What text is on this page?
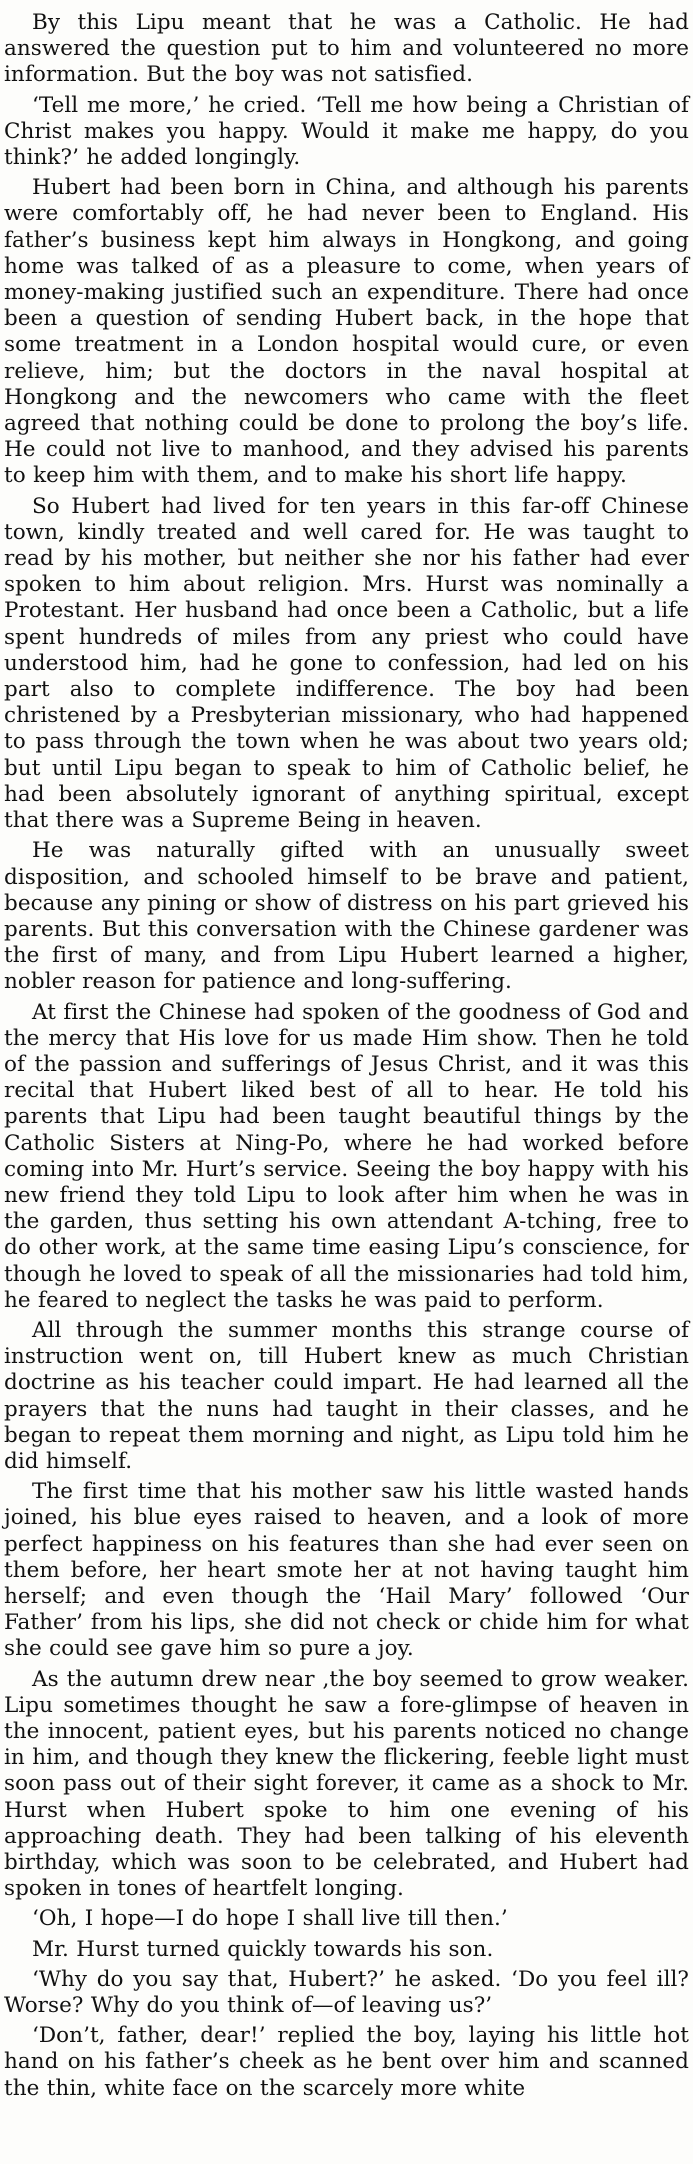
By this Lipu meant that he was a Catholic. He had answered the question put to him and volunteered no more information. But the boy was not satisfied.

‘Tell me more,’ he cried. ‘Tell me how being a Christian of Christ makes you happy. Would it make me happy, do you think?’ he added longingly.

Hubert had been born in China, and although his parents were comfortably off, he had never been to England. His father’s business kept him always in Hongkong, and going home was talked of as a pleasure to come, when years of money-making justified such an expenditure. There had once been a question of sending Hubert back, in the hope that some treatment in a London hospital would cure, or even relieve, him; but the doctors in the naval hospital at Hongkong and the newcomers who came with the fleet agreed that nothing could be done to prolong the boy’s life. He could not live to manhood, and they advised his parents to keep him with them, and to make his short life happy.

So Hubert had lived for ten years in this far-off Chinese town, kindly treated and well cared for. He was taught to read by his mother, but neither she nor his father had ever spoken to him about religion. Mrs. Hurst was nominally a Protestant. Her husband had once been a Catholic, but a life spent hundreds of miles from any priest who could have understood him, had he gone to confession, had led on his part also to complete indifference. The boy had been christened by a Presbyterian missionary, who had happened to pass through the town when he was about two years old; but until Lipu began to speak to him of Catholic belief, he had been absolutely ignorant of anything spiritual, except that there was a Supreme Being in heaven.

He was naturally gifted with an unusually sweet disposition, and schooled himself to be brave and patient, because any pining or show of distress on his part grieved his parents. But this conversation with the Chinese gardener was the first of many, and from Lipu Hubert learned a higher, nobler reason for patience and long-suffering.

At first the Chinese had spoken of the goodness of God and the mercy that His love for us made Him show. Then he told of the passion and sufferings of Jesus Christ, and it was this recital that Hubert liked best of all to hear. He told his parents that Lipu had been taught beautiful things by the Catholic Sisters at Ning-Po, where he had worked before coming into Mr. Hurt’s service. Seeing the boy happy with his new friend they told Lipu to look after him when he was in the garden, thus setting his own attendant A-tching, free to do other work, at the same time easing Lipu’s conscience, for though he loved to speak of all the missionaries had told him, he feared to neglect the tasks he was paid to perform.

All through the summer months this strange course of instruction went on, till Hubert knew as much Christian doctrine as his teacher could impart. He had learned all the prayers that the nuns had taught in their classes, and he began to repeat them morning and night, as Lipu told him he did himself.

The first time that his mother saw his little wasted hands joined, his blue eyes raised to heaven, and a look of more perfect happiness on his features than she had ever seen on them before, her heart smote her at not having taught him herself; and even though the ‘Hail Mary’ followed ‘Our Father’ from his lips, she did not check or chide him for what she could see gave him so pure a joy.

As the autumn drew near ,the boy seemed to grow weaker. Lipu sometimes thought he saw a fore-glimpse of heaven in the innocent, patient eyes, but his parents noticed no change in him, and though they knew the flickering, feeble light must soon pass out of their sight forever, it came as a shock to Mr. Hurst when Hubert spoke to him one evening of his approaching death. They had been talking of his eleventh birthday, which was soon to be celebrated, and Hubert had spoken in tones of heartfelt longing.

‘Oh, I hope—I do hope I shall live till then.’

Mr. Hurst turned quickly towards his son.

‘Why do you say that, Hubert?’ he asked. ‘Do you feel ill? Worse? Why do you think of—of leaving us?’

‘Don’t, father, dear!’ replied the boy, laying his little hot hand on his father’s cheek as he bent over him and scanned the thin, white face on the scarcely more white
